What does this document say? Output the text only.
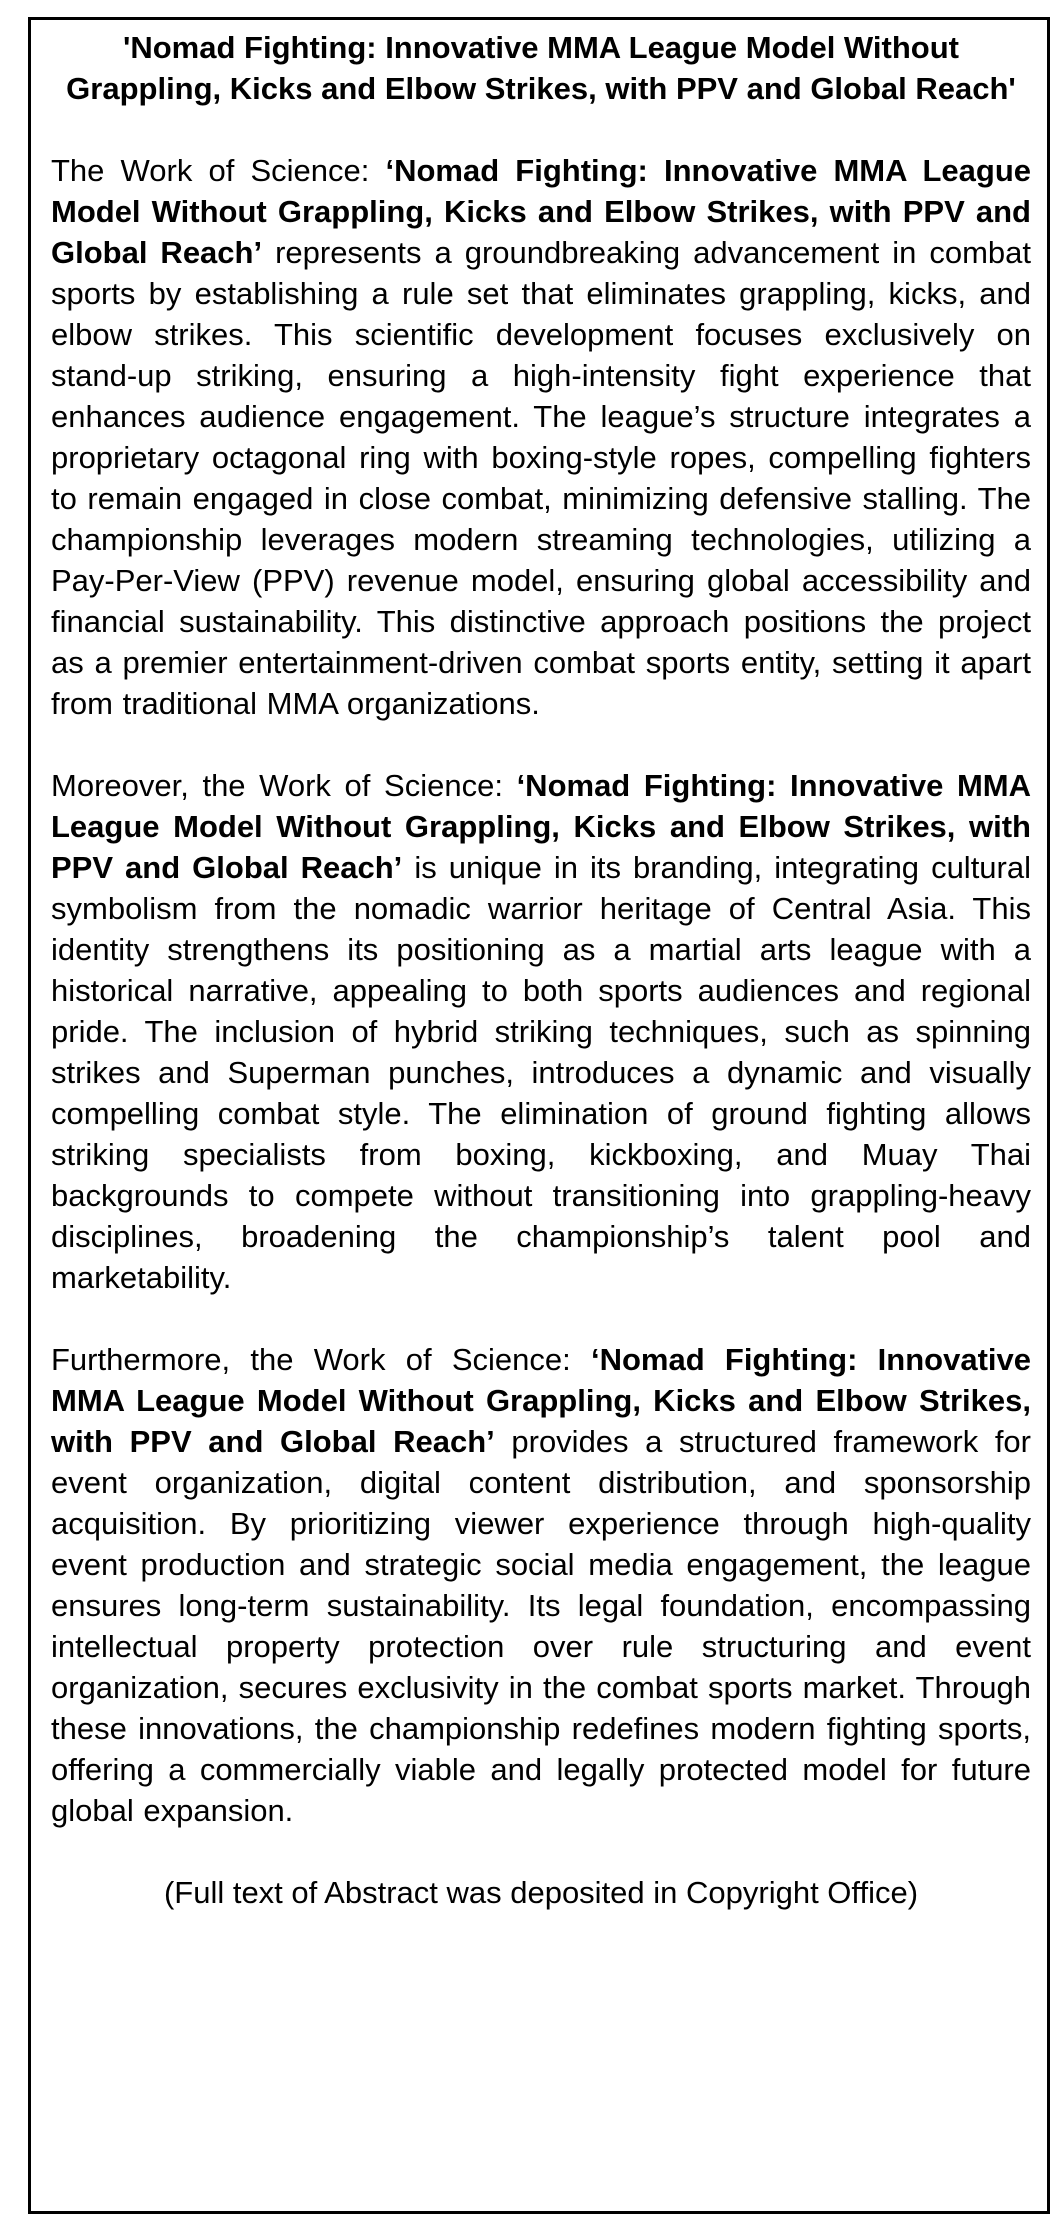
'Nomad Fighting: Innovative MMA League Model Without Grappling, Kicks and Elbow Strikes, with PPV and Global Reach'

The Work of Science: ‘Nomad Fighting: Innovative MMA League Model Without Grappling, Kicks and Elbow Strikes, with PPV and Global Reach’ represents a groundbreaking advancement in combat sports by establishing a rule set that eliminates grappling, kicks, and elbow strikes. This scientific development focuses exclusively on stand-up striking, ensuring a high-intensity fight experience that enhances audience engagement. The league’s structure integrates a proprietary octagonal ring with boxing-style ropes, compelling fighters to remain engaged in close combat, minimizing defensive stalling. The championship leverages modern streaming technologies, utilizing a Pay-Per-View (PPV) revenue model, ensuring global accessibility and financial sustainability. This distinctive approach positions the project as a premier entertainment-driven combat sports entity, setting it apart from traditional MMA organizations.

Moreover, the Work of Science: ‘Nomad Fighting: Innovative MMA League Model Without Grappling, Kicks and Elbow Strikes, with PPV and Global Reach’ is unique in its branding, integrating cultural symbolism from the nomadic warrior heritage of Central Asia. This identity strengthens its positioning as a martial arts league with a historical narrative, appealing to both sports audiences and regional pride. The inclusion of hybrid striking techniques, such as spinning strikes and Superman punches, introduces a dynamic and visually compelling combat style. The elimination of ground fighting allows striking specialists from boxing, kickboxing, and Muay Thai backgrounds to compete without transitioning into grappling-heavy disciplines, broadening the championship’s talent pool and marketability.

Furthermore, the Work of Science: ‘Nomad Fighting: Innovative MMA League Model Without Grappling, Kicks and Elbow Strikes, with PPV and Global Reach’ provides a structured framework for event organization, digital content distribution, and sponsorship acquisition. By prioritizing viewer experience through high-quality event production and strategic social media engagement, the league ensures long-term sustainability. Its legal foundation, encompassing intellectual property protection over rule structuring and event organization, secures exclusivity in the combat sports market. Through these innovations, the championship redefines modern fighting sports, offering a commercially viable and legally protected model for future global expansion.

(Full text of Abstract was deposited in Copyright Office)
